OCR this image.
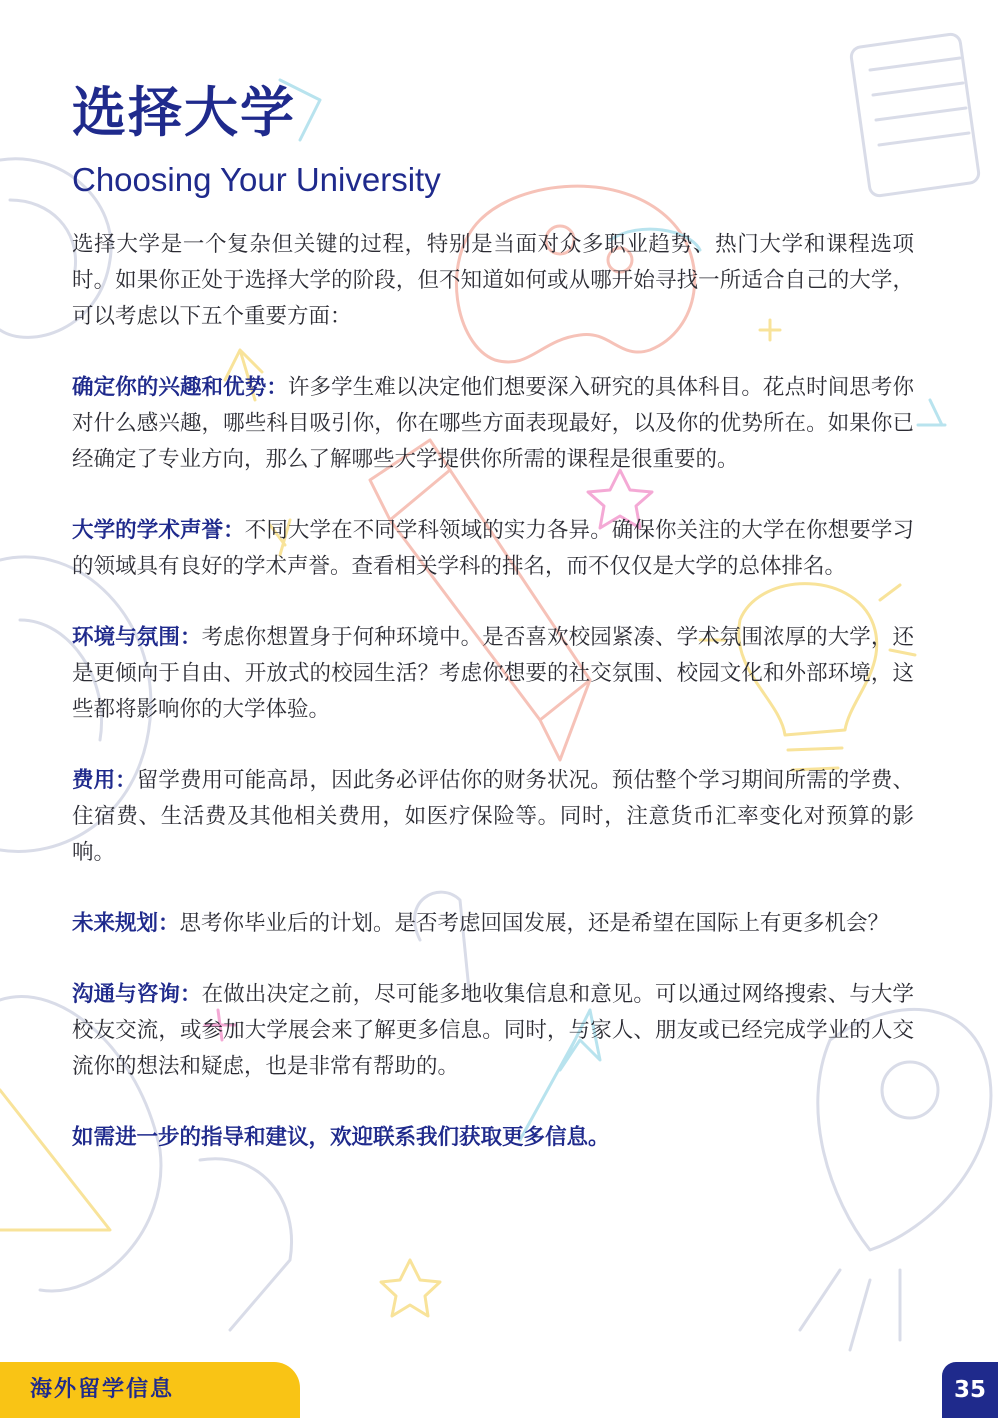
选择大学
Choosing Your University

选择大学是一个复杂但关键的过程，特别是当面对众多职业趋势、热门大学和课程选项时。如果你正处于选择大学的阶段，但不知道如何或从哪开始寻找一所适合自己的大学，可以考虑以下五个重要方面：

确定你的兴趣和优势：许多学生难以决定他们想要深入研究的具体科目。花点时间思考你对什么感兴趣，哪些科目吸引你，你在哪些方面表现最好，以及你的优势所在。如果你已经确定了专业方向，那么了解哪些大学提供你所需的课程是很重要的。

大学的学术声誉：不同大学在不同学科领域的实力各异。确保你关注的大学在你想要学习的领域具有良好的学术声誉。查看相关学科的排名，而不仅仅是大学的总体排名。

环境与氛围：考虑你想置身于何种环境中。是否喜欢校园紧凑、学术氛围浓厚的大学，还是更倾向于自由、开放式的校园生活？考虑你想要的社交氛围、校园文化和外部环境，这些都将影响你的大学体验。

费用：留学费用可能高昂，因此务必评估你的财务状况。预估整个学习期间所需的学费、住宿费、生活费及其他相关费用，如医疗保险等。同时，注意货币汇率变化对预算的影响。

未来规划：思考你毕业后的计划。是否考虑回国发展，还是希望在国际上有更多机会？

沟通与咨询：在做出决定之前，尽可能多地收集信息和意见。可以通过网络搜索、与大学校友交流，或参加大学展会来了解更多信息。同时，与家人、朋友或已经完成学业的人交流你的想法和疑虑，也是非常有帮助的。

如需进一步的指导和建议，欢迎联系我们获取更多信息。

海外留学信息	35
